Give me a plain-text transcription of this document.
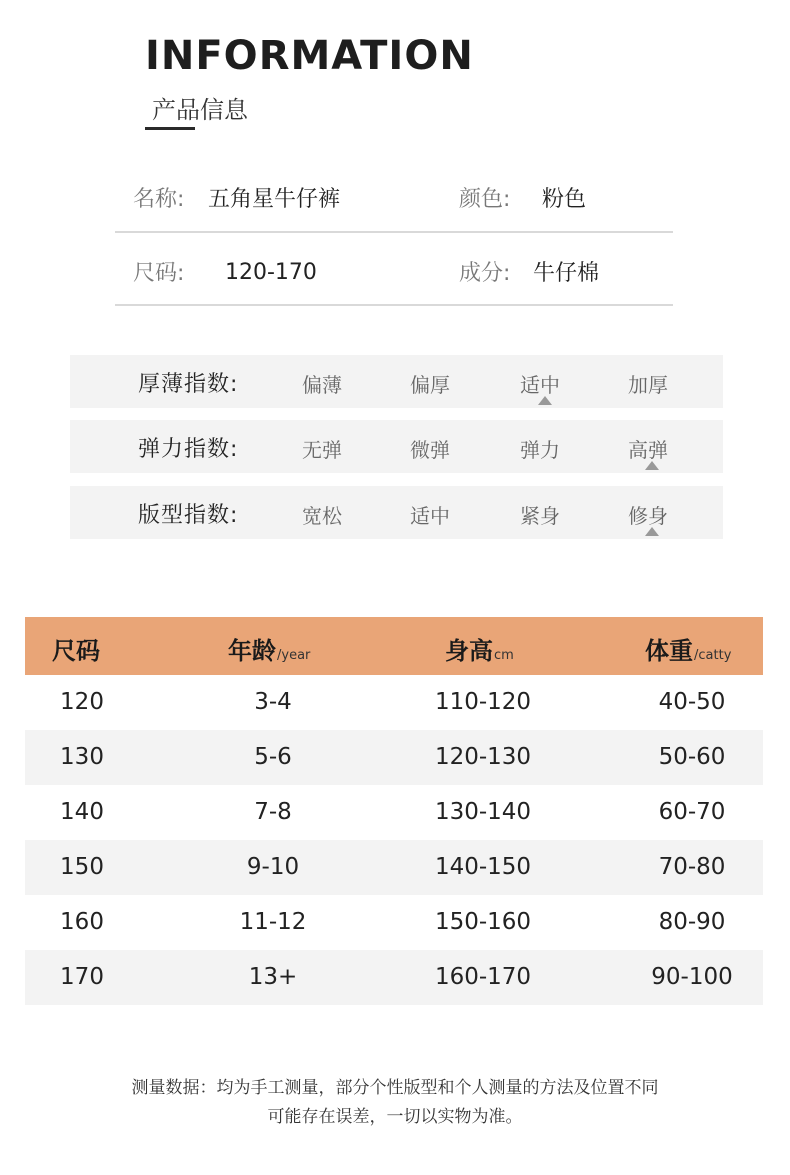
INFORMATION
产品信息
名称: 五角星牛仔裤	颜色: 粉色
尺码: 120-170	成分: 牛仔棉
厚薄指数:	偏薄	偏厚	适中	加厚
弹力指数:	无弹	微弹	弹力	高弹
版型指数:	宽松	适中	紧身	修身
尺码	年龄/year	身高cm	体重/catty
120	3-4	110-120	40-50
130	5-6	120-130	50-60
140	7-8	130-140	60-70
150	9-10	140-150	70-80
160	11-12	150-160	80-90
170	13+	160-170	90-100
测量数据：均为手工测量，部分个性版型和个人测量的方法及位置不同
可能存在误差，一切以实物为准。
